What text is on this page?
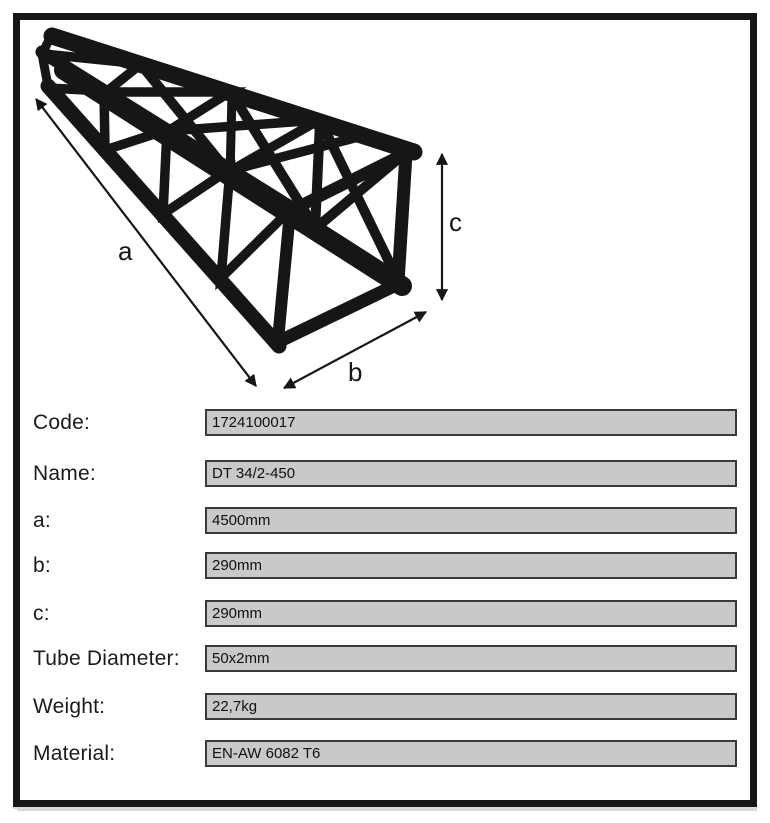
a
b
c
Code:	1724100017
Name:	DT 34/2-450
a:	4500mm
b:	290mm
c:	290mm
Tube Diameter:	50x2mm
Weight:	22,7kg
Material:	EN-AW 6082 T6
